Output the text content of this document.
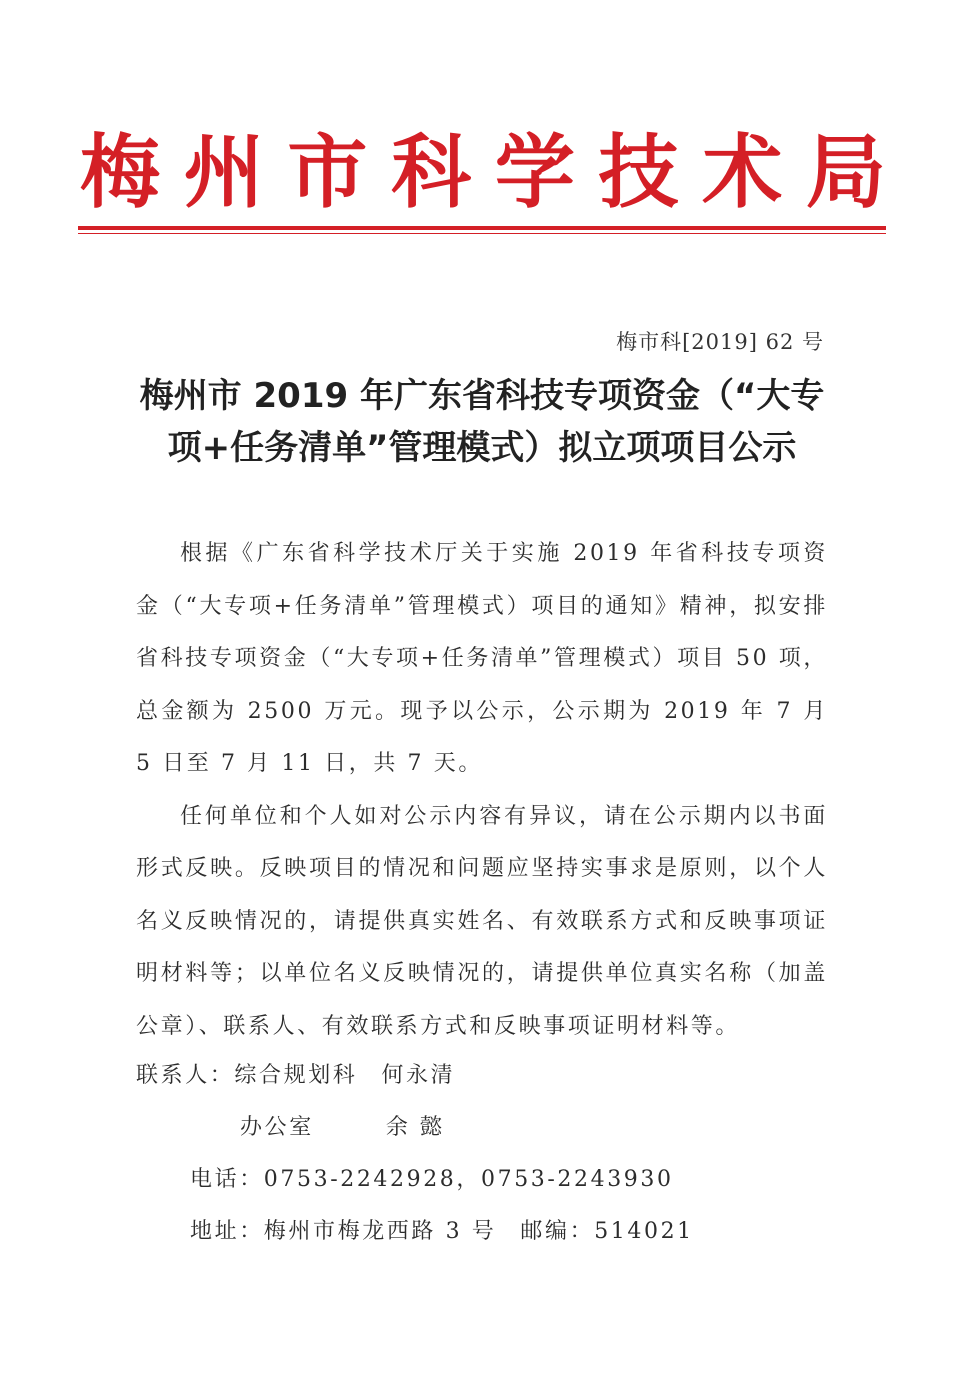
梅 州 市 科 学 技 术 局
梅市科[2019] 62 号
梅州市 2019 年广东省科技专项资金（“大专
项+任务清单”管理模式）拟立项项目公示

根据《广东省科学技术厅关于实施 2019 年省科技专项资金（“大专项+任务清单”管理模式）项目的通知》精神，拟安排省科技专项资金（“大专项+任务清单”管理模式）项目 50 项，总金额为 2500 万元。现予以公示，公示期为 2019 年 7 月 5 日至 7 月 11 日，共 7 天。

任何单位和个人如对公示内容有异议，请在公示期内以书面形式反映。反映项目的情况和问题应坚持实事求是原则，以个人名义反映情况的，请提供真实姓名、有效联系方式和反映事项证明材料等；以单位名义反映情况的，请提供单位真实名称（加盖公章）、联系人、有效联系方式和反映事项证明材料等。

联系人：综合规划科 何永清
办公室	余 懿
电话：0753-2242928，0753-2243930
地址：梅州市梅龙西路 3 号 邮编：514021
